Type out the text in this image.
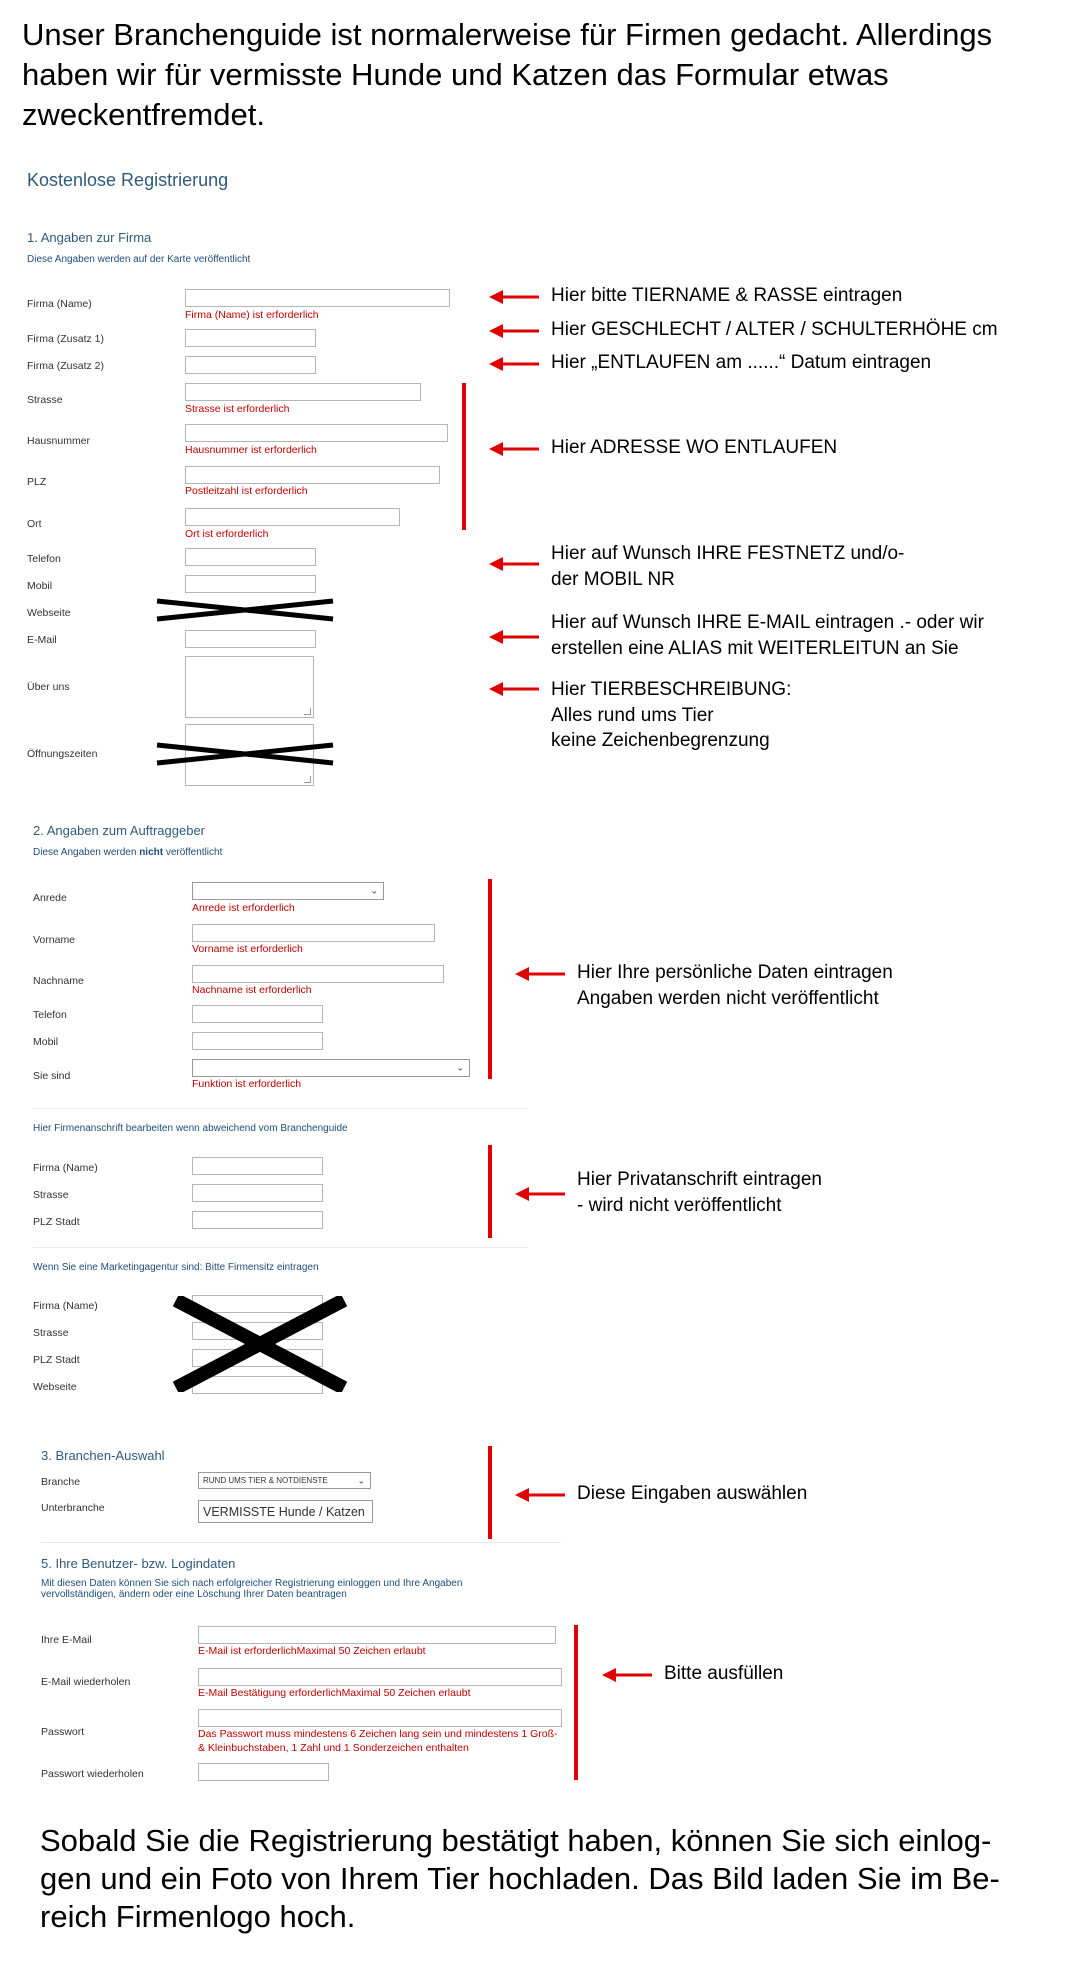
Unser Branchenguide ist normalerweise für Firmen gedacht. Allerdings
haben wir für vermisste Hunde und Katzen das Formular etwas
zweckentfremdet.
Kostenlose Registrierung
1. Angaben zur Firma
Diese Angaben werden auf der Karte veröffentlicht
Firma (Name)
Firma (Name) ist erforderlich
Firma (Zusatz 1)
Firma (Zusatz 2)
Strasse
Strasse ist erforderlich
Hausnummer
Hausnummer ist erforderlich
PLZ
Postleitzahl ist erforderlich
Ort
Ort ist erforderlich
Telefon
Mobil
Webseite
E-Mail
Über uns
Öffnungszeiten
Hier bitte TIERNAME & RASSE eintragen
Hier GESCHLECHT / ALTER / SCHULTERHÖHE cm
Hier „ENTLAUFEN am ......“ Datum eintragen
Hier ADRESSE WO ENTLAUFEN
Hier auf Wunsch IHRE FESTNETZ und/o-
der MOBIL NR
Hier auf Wunsch IHRE E-MAIL eintragen .- oder wir
erstellen eine ALIAS mit WEITERLEITUN an Sie
Hier TIERBESCHREIBUNG:
Alles rund ums Tier
keine Zeichenbegrenzung
2. Angaben zum Auftraggeber
Diese Angaben werden nicht veröffentlicht
Anrede
⌄
Anrede ist erforderlich
Vorname
Vorname ist erforderlich
Nachname
Nachname ist erforderlich
Telefon
Mobil
Sie sind
⌄
Funktion ist erforderlich
Hier Ihre persönliche Daten eintragen
Angaben werden nicht veröffentlicht
Hier Firmenanschrift bearbeiten wenn abweichend vom Branchenguide
Firma (Name)
Strasse
PLZ Stadt
Hier Privatanschrift eintragen
- wird nicht veröffentlicht
Wenn Sie eine Marketingagentur sind: Bitte Firmensitz eintragen
Firma (Name)
Strasse
PLZ Stadt
Webseite
3. Branchen-Auswahl
Branche	RUND UMS TIER & NOTDIENSTE	⌄
Unterbranche	VERMISSTE Hunde / Katzen
Diese Eingaben auswählen
5. Ihre Benutzer- bzw. Logindaten
Mit diesen Daten können Sie sich nach erfolgreicher Registrierung einloggen und Ihre Angaben
vervollständigen, ändern oder eine Löschung Ihrer Daten beantragen
Ihre E-Mail
E-Mail ist erforderlichMaximal 50 Zeichen erlaubt
E-Mail wiederholen
E-Mail Bestätigung erforderlichMaximal 50 Zeichen erlaubt
Passwort	Das Passwort muss mindestens 6 Zeichen lang sein und mindestens 1 Groß-
& Kleinbuchstaben, 1 Zahl und 1 Sonderzeichen enthalten
Passwort wiederholen
Bitte ausfüllen
Sobald Sie die Registrierung bestätigt haben, können Sie sich einlog-
gen und ein Foto von Ihrem Tier hochladen. Das Bild laden Sie im Be-
reich Firmenlogo hoch.
